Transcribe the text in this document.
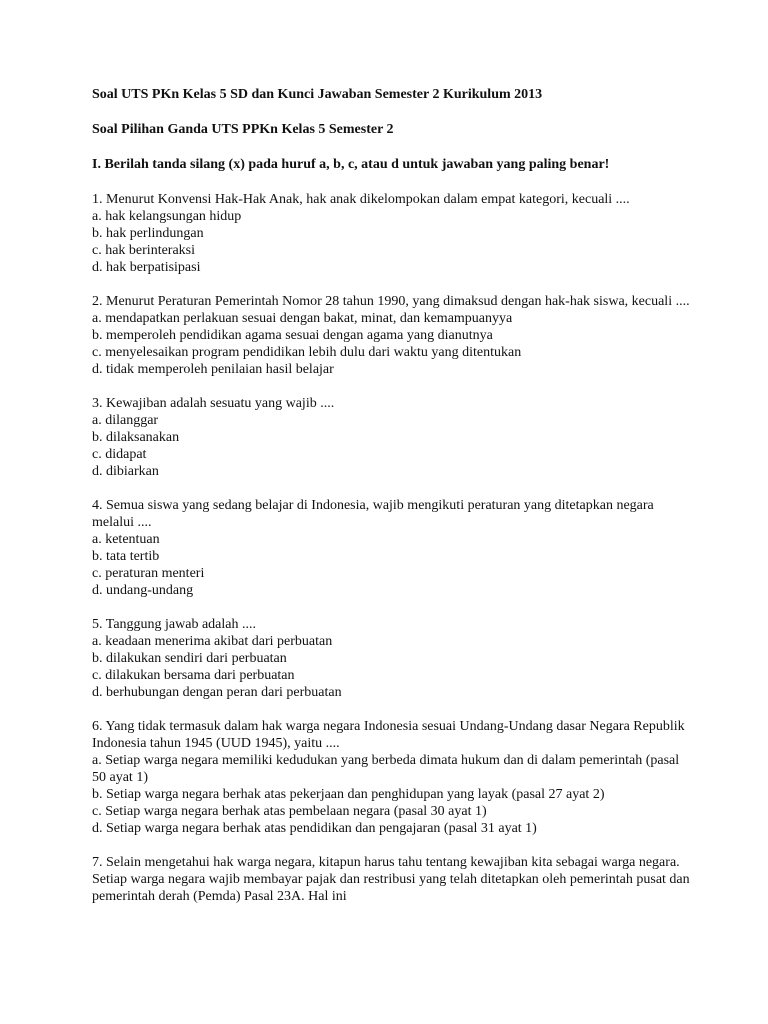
Soal UTS PKn Kelas 5 SD dan Kunci Jawaban Semester 2 Kurikulum 2013

Soal Pilihan Ganda UTS PPKn Kelas 5 Semester 2

I. Berilah tanda silang (x) pada huruf a, b, c, atau d untuk jawaban yang paling benar!

1. Menurut Konvensi Hak-Hak Anak, hak anak dikelompokan dalam empat kategori, kecuali ....

a. hak kelangsungan hidup
b. hak perlindungan
c. hak berinteraksi
d. hak berpatisipasi

2. Menurut Peraturan Pemerintah Nomor 28 tahun 1990, yang dimaksud dengan hak-hak siswa, kecuali ....

a. mendapatkan perlakuan sesuai dengan bakat, minat, dan kemampuanyya
b. memperoleh pendidikan agama sesuai dengan agama yang dianutnya
c. menyelesaikan program pendidikan lebih dulu dari waktu yang ditentukan
d. tidak memperoleh penilaian hasil belajar

3. Kewajiban adalah sesuatu yang wajib ....

a. dilanggar
b. dilaksanakan
c. didapat
d. dibiarkan

4. Semua siswa yang sedang belajar di Indonesia, wajib mengikuti peraturan yang ditetapkan negara melalui ....

a. ketentuan
b. tata tertib
c. peraturan menteri
d. undang-undang

5. Tanggung jawab adalah ....

a. keadaan menerima akibat dari perbuatan
b. dilakukan sendiri dari perbuatan
c. dilakukan bersama dari perbuatan
d. berhubungan dengan peran dari perbuatan

6. Yang tidak termasuk dalam hak warga negara Indonesia sesuai Undang-Undang dasar Negara Republik Indonesia tahun 1945 (UUD 1945), yaitu ....

a. Setiap warga negara memiliki kedudukan yang berbeda dimata hukum dan di dalam pemerintah (pasal 50 ayat 1)
b. Setiap warga negara berhak atas pekerjaan dan penghidupan yang layak (pasal 27 ayat 2)
c. Setiap warga negara berhak atas pembelaan negara (pasal 30 ayat 1)
d. Setiap warga negara berhak atas pendidikan dan pengajaran (pasal 31 ayat 1)

7. Selain mengetahui hak warga negara, kitapun harus tahu tentang kewajiban kita sebagai warga negara. Setiap warga negara wajib membayar pajak dan restribusi yang telah ditetapkan oleh pemerintah pusat dan pemerintah derah (Pemda) Pasal 23A. Hal ini
